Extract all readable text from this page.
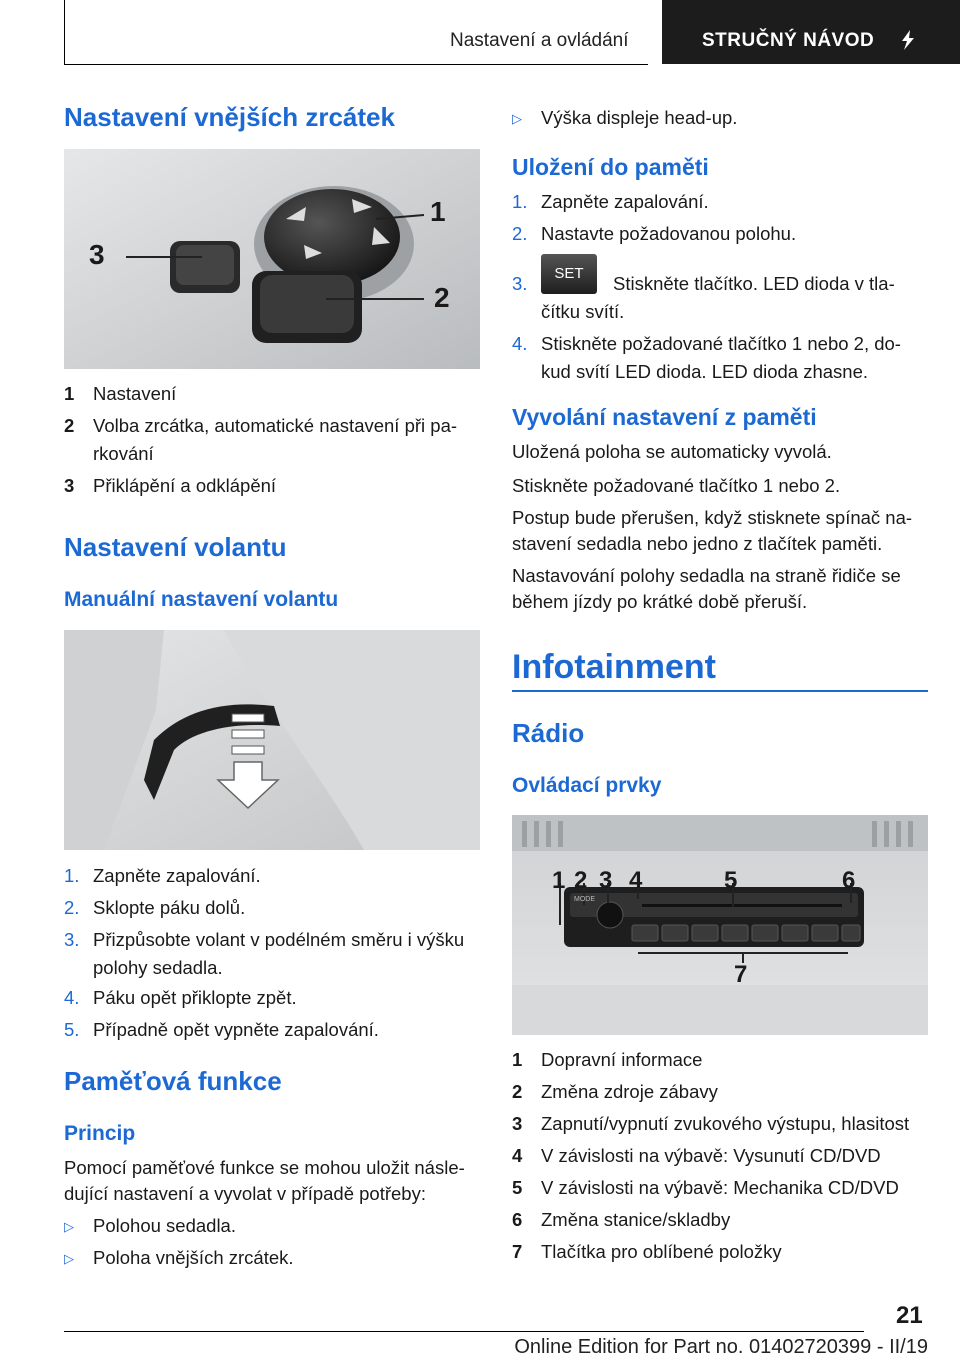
Nastavení a ovládání	STRUČNÝ NÁVOD
Nastavení vnějších zrcátek
3
1
2
1 Nastavení
2 Volba zrcátka, automatické nastavení při pa-
rkování
3 Přiklápění a odklápění
Nastavení volantu
Manuální nastavení volantu
1. Zapněte zapalování.
2. Sklopte páku dolů.
3. Přizpůsobte volant v podélném směru i výšku
polohy sedadla.
4. Páku opět přiklopte zpět.
5. Případně opět vypněte zapalování.
Paměťová funkce
Princip
Pomocí paměťové funkce se mohou uložit násle-
dující nastavení a vyvolat v případě potřeby:
▷ Polohou sedadla.
▷ Poloha vnějších zrcátek.
▷ Výška displeje head-up.
Uložení do paměti
1. Zapněte zapalování.
2. Nastavte požadovanou polohu.
3.	SET	Stiskněte tlačítko. LED dioda v tla-
čítku svítí.
4. Stiskněte požadované tlačítko 1 nebo 2, do-
kud svítí LED dioda. LED dioda zhasne.
Vyvolání nastavení z paměti
Uložená poloha se automaticky vyvolá.
Stiskněte požadované tlačítko 1 nebo 2.
Postup bude přerušen, když stisknete spínač na-
stavení sedadla nebo jedno z tlačítek paměti.
Nastavování polohy sedadla na straně řidiče se
během jízdy po krátké době přeruší.
Infotainment
Rádio
Ovládací prvky
MODE
1 2 3 4	5	6
7
1 Dopravní informace
2 Změna zdroje zábavy
3 Zapnutí/vypnutí zvukového výstupu, hlasitost
4 V závislosti na výbavě: Vysunutí CD/DVD
5 V závislosti na výbavě: Mechanika CD/DVD
6 Změna stanice/skladby
7 Tlačítka pro oblíbené položky
21
Online Edition for Part no. 01402720399 - II/19
